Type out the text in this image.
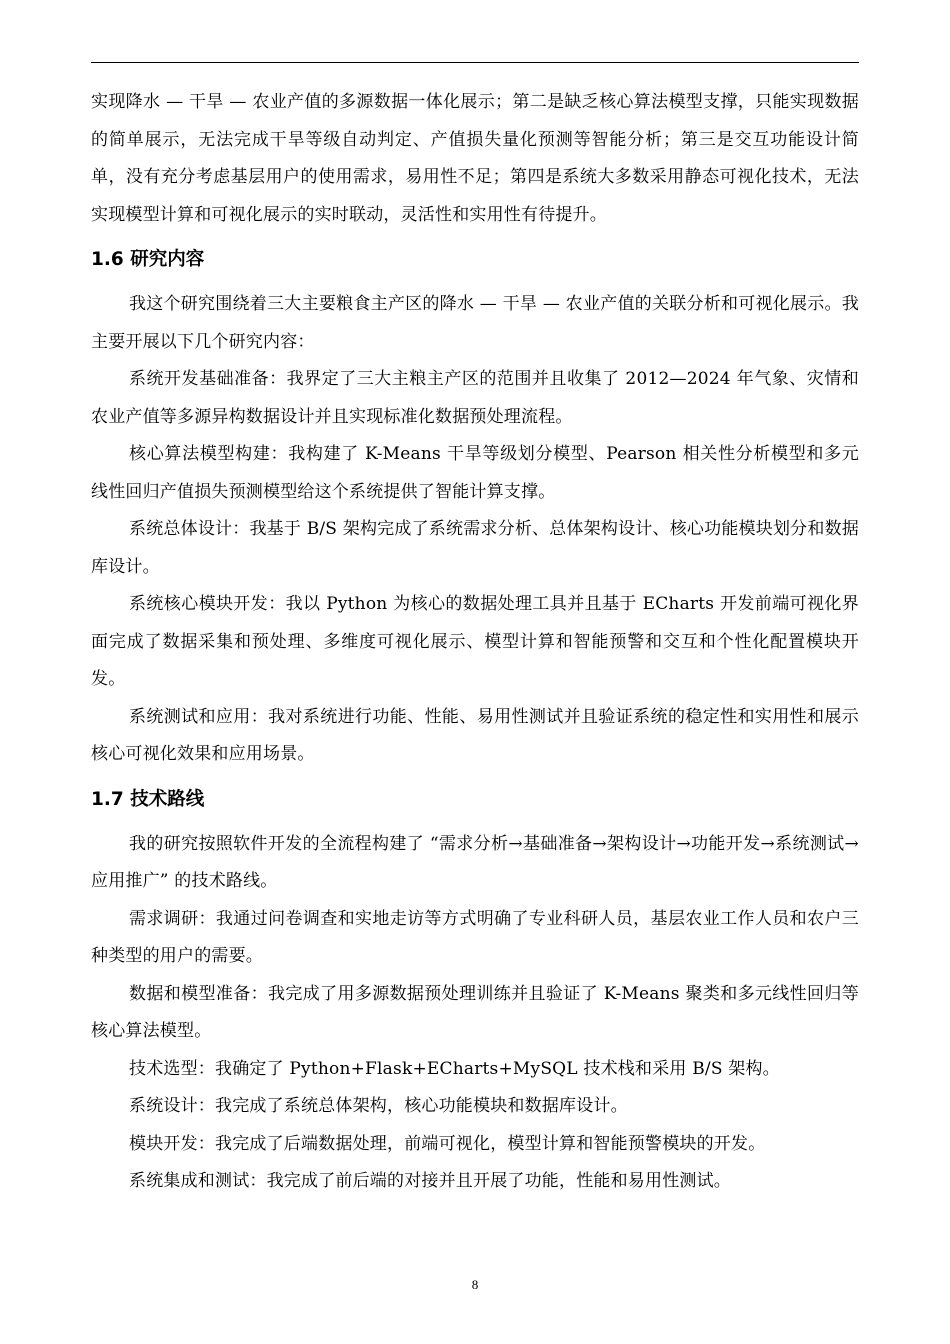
实现降水 — 干旱 — 农业产值的多源数据一体化展示；第二是缺乏核心算法模型支撑，只能实现数据的简单展示，无法完成干旱等级自动判定、产值损失量化预测等智能分析；第三是交互功能设计简单，没有充分考虑基层用户的使用需求，易用性不足；第四是系统大多数采用静态可视化技术，无法实现模型计算和可视化展示的实时联动，灵活性和实用性有待提升。

1.6 研究内容

我这个研究围绕着三大主要粮食主产区的降水 — 干旱 — 农业产值的关联分析和可视化展示。我主要开展以下几个研究内容：

系统开发基础准备：我界定了三大主粮主产区的范围并且收集了 2012—2024 年气象、灾情和农业产值等多源异构数据设计并且实现标准化数据预处理流程。

核心算法模型构建：我构建了 K-Means 干旱等级划分模型、Pearson 相关性分析模型和多元线性回归产值损失预测模型给这个系统提供了智能计算支撑。

系统总体设计：我基于 B/S 架构完成了系统需求分析、总体架构设计、核心功能模块划分和数据库设计。

系统核心模块开发：我以 Python 为核心的数据处理工具并且基于 ECharts 开发前端可视化界面完成了数据采集和预处理、多维度可视化展示、模型计算和智能预警和交互和个性化配置模块开发。

系统测试和应用：我对系统进行功能、性能、易用性测试并且验证系统的稳定性和实用性和展示核心可视化效果和应用场景。

1.7 技术路线

我的研究按照软件开发的全流程构建了 “需求分析→基础准备→架构设计→功能开发→系统测试→应用推广” 的技术路线。

需求调研：我通过问卷调查和实地走访等方式明确了专业科研人员，基层农业工作人员和农户三种类型的用户的需要。

数据和模型准备：我完成了用多源数据预处理训练并且验证了 K-Means 聚类和多元线性回归等核心算法模型。

技术选型：我确定了 Python+Flask+ECharts+MySQL 技术栈和采用 B/S 架构。

系统设计：我完成了系统总体架构，核心功能模块和数据库设计。

模块开发：我完成了后端数据处理，前端可视化，模型计算和智能预警模块的开发。

系统集成和测试：我完成了前后端的对接并且开展了功能，性能和易用性测试。

8
